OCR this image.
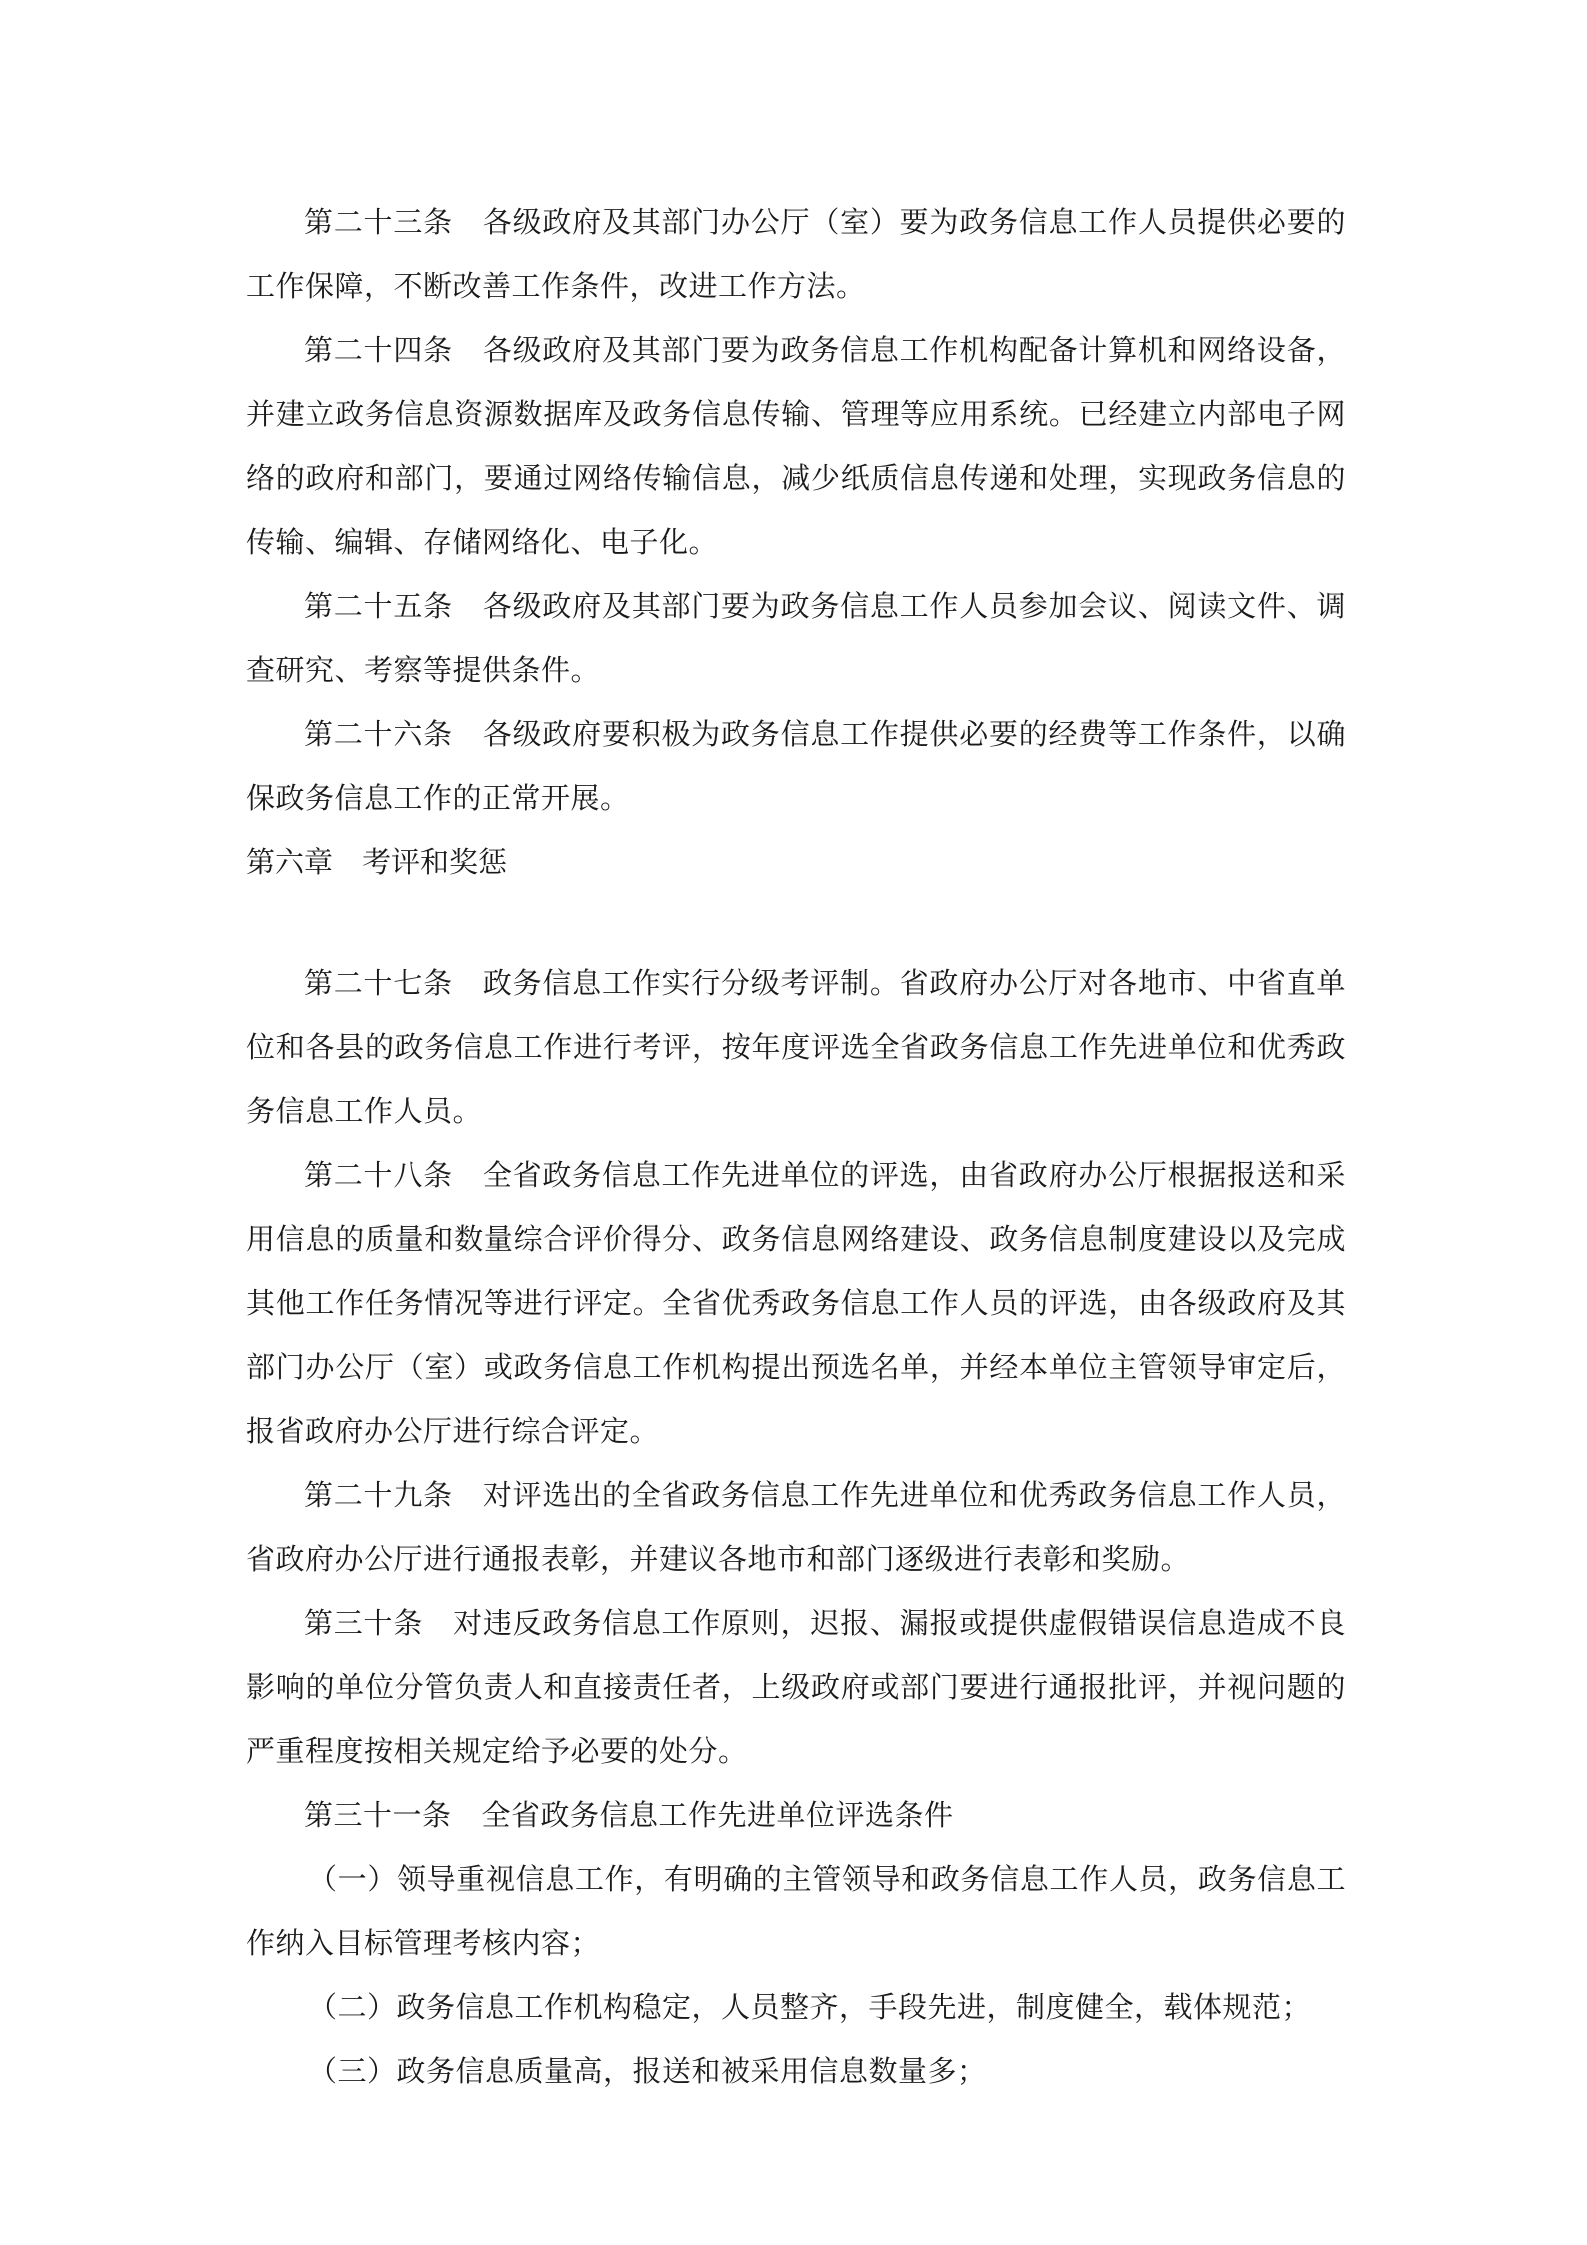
第二十三条 各级政府及其部门办公厅（室）要为政务信息工作人员提供必要的工作保障，不断改善工作条件，改进工作方法。

第二十四条 各级政府及其部门要为政务信息工作机构配备计算机和网络设备，并建立政务信息资源数据库及政务信息传输、管理等应用系统。已经建立内部电子网络的政府和部门，要通过网络传输信息，减少纸质信息传递和处理，实现政务信息的传输、编辑、存储网络化、电子化。

第二十五条 各级政府及其部门要为政务信息工作人员参加会议、阅读文件、调查研究、考察等提供条件。

第二十六条 各级政府要积极为政务信息工作提供必要的经费等工作条件，以确保政务信息工作的正常开展。

第六章　考评和奖惩

第二十七条 政务信息工作实行分级考评制。省政府办公厅对各地市、中省直单位和各县的政务信息工作进行考评，按年度评选全省政务信息工作先进单位和优秀政务信息工作人员。

第二十八条 全省政务信息工作先进单位的评选，由省政府办公厅根据报送和采用信息的质量和数量综合评价得分、政务信息网络建设、政务信息制度建设以及完成其他工作任务情况等进行评定。全省优秀政务信息工作人员的评选，由各级政府及其部门办公厅（室）或政务信息工作机构提出预选名单，并经本单位主管领导审定后，报省政府办公厅进行综合评定。

第二十九条 对评选出的全省政务信息工作先进单位和优秀政务信息工作人员，省政府办公厅进行通报表彰，并建议各地市和部门逐级进行表彰和奖励。

第三十条 对违反政务信息工作原则，迟报、漏报或提供虚假错误信息造成不良影响的单位分管负责人和直接责任者，上级政府或部门要进行通报批评，并视问题的严重程度按相关规定给予必要的处分。

第三十一条 全省政务信息工作先进单位评选条件

（一）领导重视信息工作，有明确的主管领导和政务信息工作人员，政务信息工作纳入目标管理考核内容；

（二）政务信息工作机构稳定，人员整齐，手段先进，制度健全，载体规范；

（三）政务信息质量高，报送和被采用信息数量多；
